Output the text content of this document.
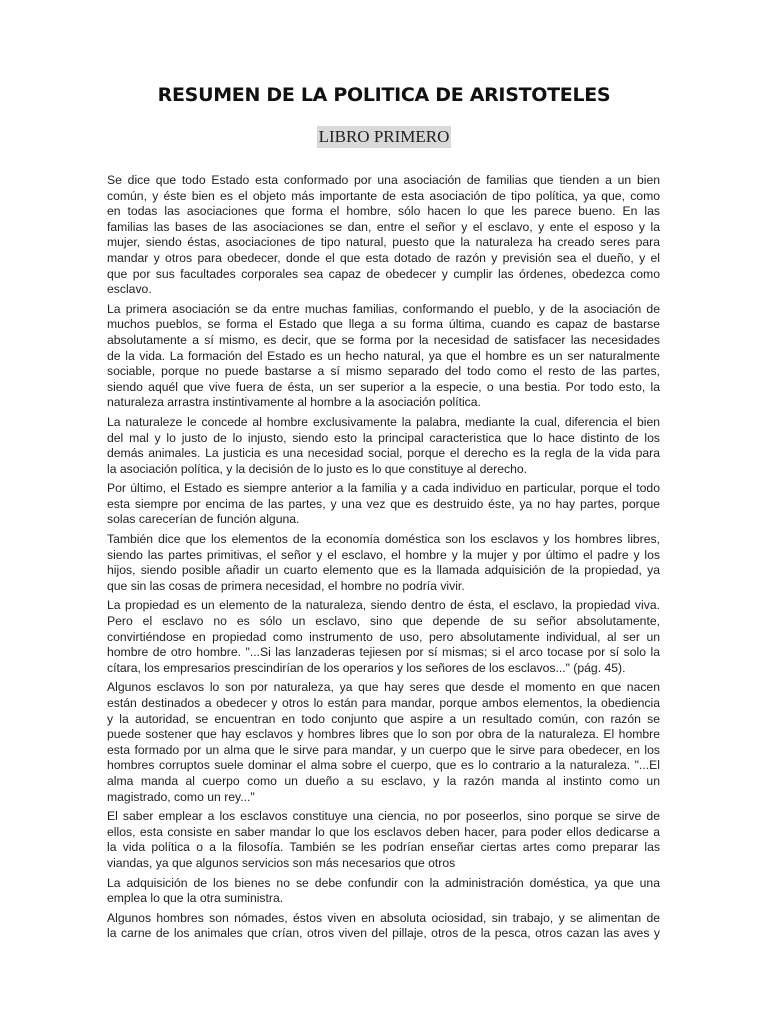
RESUMEN DE LA POLITICA DE ARISTOTELES
LIBRO PRIMERO
Se dice que todo Estado esta conformado por una asociación de familias que tienden a un bien
común, y éste bien es el objeto más importante de esta asociación de tipo política, ya que, como
en todas las asociaciones que forma el hombre, sólo hacen lo que les parece bueno. En las
familias las bases de las asociaciones se dan, entre el señor y el esclavo, y ente el esposo y la
mujer, siendo éstas, asociaciones de tipo natural, puesto que la naturaleza ha creado seres para
mandar y otros para obedecer, donde el que esta dotado de razón y previsión sea el dueño, y el
que por sus facultades corporales sea capaz de obedecer y cumplir las órdenes, obedezca como
esclavo.
La primera asociación se da entre muchas familias, conformando el pueblo, y de la asociación de
muchos pueblos, se forma el Estado que llega a su forma última, cuando es capaz de bastarse
absolutamente a sí mismo, es decir, que se forma por la necesidad de satisfacer las necesidades
de la vida. La formación del Estado es un hecho natural, ya que el hombre es un ser naturalmente
sociable, porque no puede bastarse a sí mismo separado del todo como el resto de las partes,
siendo aquél que vive fuera de ésta, un ser superior a la especie, o una bestia. Por todo esto, la
naturaleza arrastra instintivamente al hombre a la asociación política.
La naturaleze le concede al hombre exclusivamente la palabra, mediante la cual, diferencia el bien
del mal y lo justo de lo injusto, siendo esto la principal caracteristica que lo hace distinto de los
demás animales. La justicia es una necesidad social, porque el derecho es la regla de la vida para
la asociación política, y la decisión de lo justo es lo que constituye al derecho.
Por último, el Estado es siempre anterior a la familia y a cada individuo en particular, porque el todo
esta siempre por encima de las partes, y una vez que es destruido éste, ya no hay partes, porque
solas carecerían de función alguna.
También dice que los elementos de la economía doméstica son los esclavos y los hombres libres,
siendo las partes primitivas, el señor y el esclavo, el hombre y la mujer y por último el padre y los
hijos, siendo posible añadir un cuarto elemento que es la llamada adquisición de la propiedad, ya
que sin las cosas de primera necesidad, el hombre no podría vivir.
La propiedad es un elemento de la naturaleza, siendo dentro de ésta, el esclavo, la propiedad viva.
Pero el esclavo no es sólo un esclavo, sino que depende de su señor absolutamente,
convirtiéndose en propiedad como instrumento de uso, pero absolutamente individual, al ser un
hombre de otro hombre. "...Si las lanzaderas tejiesen por sí mismas; si el arco tocase por sí solo la
cítara, los empresarios prescindirían de los operarios y los señores de los esclavos..." (pág. 45).
Algunos esclavos lo son por naturaleza, ya que hay seres que desde el momento en que nacen
están destinados a obedecer y otros lo están para mandar, porque ambos elementos, la obediencia
y la autoridad, se encuentran en todo conjunto que aspire a un resultado común, con razón se
puede sostener que hay esclavos y hombres libres que lo son por obra de la naturaleza. El hombre
esta formado por un alma que le sirve para mandar, y un cuerpo que le sirve para obedecer, en los
hombres corruptos suele dominar el alma sobre el cuerpo, que es lo contrario a la naturaleza. "...El
alma manda al cuerpo como un dueño a su esclavo, y la razón manda al instinto como un
magistrado, como un rey..."
El saber emplear a los esclavos constituye una ciencia, no por poseerlos, sino porque se sirve de
ellos, esta consiste en saber mandar lo que los esclavos deben hacer, para poder ellos dedicarse a
la vida política o a la filosofía. También se les podrían enseñar ciertas artes como preparar las
viandas, ya que algunos servicios son más necesarios que otros
La adquisición de los bienes no se debe confundir con la administración doméstica, ya que una
emplea lo que la otra suministra.
Algunos hombres son nómades, éstos viven en absoluta ociosidad, sin trabajo, y se alimentan de
la carne de los animales que crían, otros viven del pillaje, otros de la pesca, otros cazan las aves y
